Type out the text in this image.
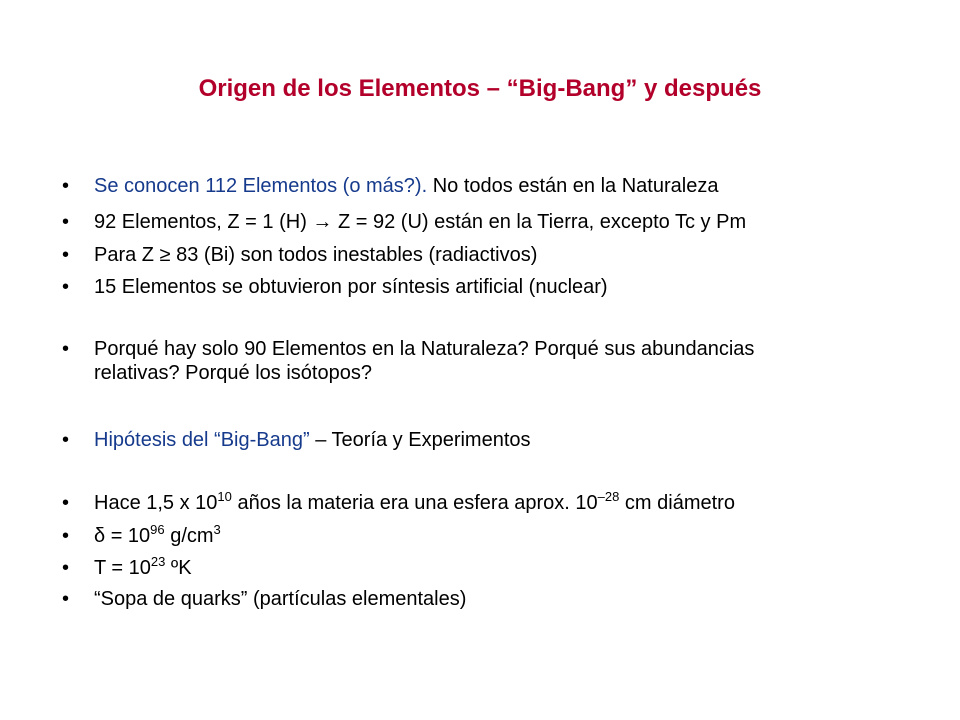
Origen de los Elementos – “Big-Bang” y después
•	Se conocen 112 Elementos (o más?). No todos están en la Naturaleza
•	92 Elementos, Z = 1 (H) → Z = 92 (U) están en la Tierra, excepto Tc y Pm
•	Para Z ≥ 83 (Bi) son todos inestables (radiactivos)
•	15 Elementos se obtuvieron por síntesis artificial (nuclear)
•	Porqué hay solo 90 Elementos en la Naturaleza? Porqué sus abundancias
relativas? Porqué los isótopos?
•	Hipótesis del “Big-Bang” – Teoría y Experimentos
•	Hace 1,5 x $10^{10}$ años la materia era una esfera aprox. $10^{-28}$ cm diámetro
•	$\delta = 10^{96}$ $g/cm^3$
•	$T = 10^{23}$ ºK
•	“Sopa de quarks” (partículas elementales)
